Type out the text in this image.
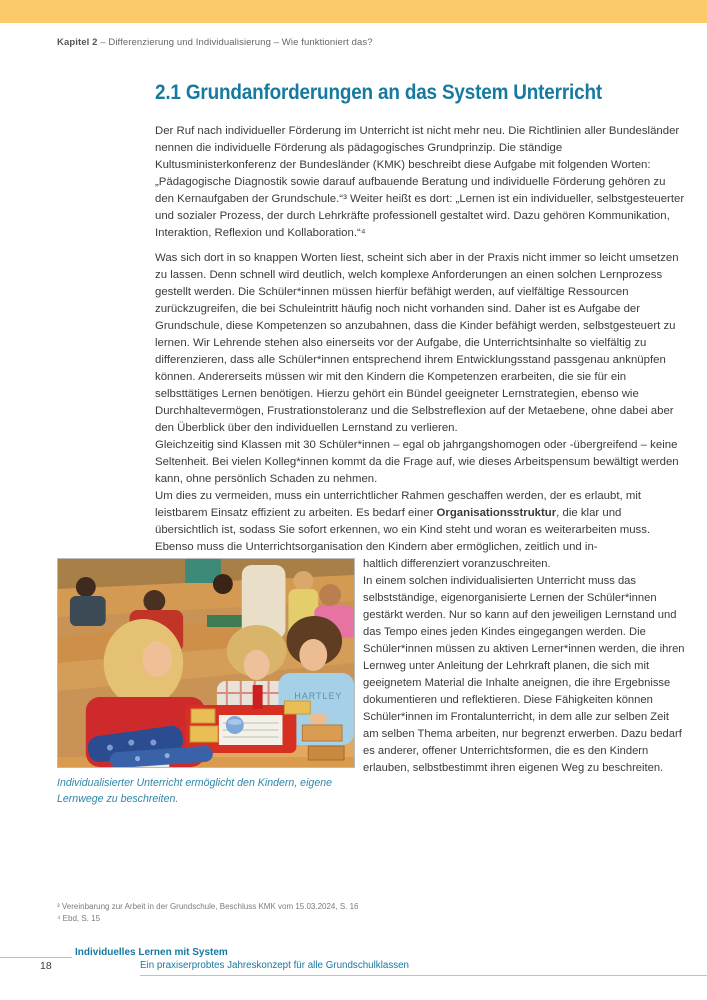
Kapitel 2 – Differenzierung und Individualisierung – Wie funktioniert das?
2.1 Grundanforderungen an das System Unterricht

Der Ruf nach individueller Förderung im Unterricht ist nicht mehr neu. Die Richtlinien aller Bundesländer nennen die individuelle Förderung als pädagogisches Grundprinzip. Die ständige Kultusministerkonferenz der Bundesländer (KMK) beschreibt diese Aufgabe mit folgenden Worten: „Pädagogische Diagnostik sowie darauf aufbauende Beratung und individuelle Förderung gehören zu den Kernaufgaben der Grundschule.“³ Weiter heißt es dort: „Lernen ist ein individueller, selbstgesteuerter und sozialer Prozess, der durch Lehrkräfte professionell gestaltet wird. Dazu gehören Kommunikation, Interaktion, Reflexion und Kollaboration.“⁴

Was sich dort in so knappen Worten liest, scheint sich aber in der Praxis nicht immer so leicht umsetzen zu lassen. Denn schnell wird deutlich, welch komplexe Anforderungen an einen solchen Lernprozess gestellt werden. Die Schüler*innen müssen hierfür befähigt werden, auf vielfältige Ressourcen zurückzugreifen, die bei Schuleintritt häufig noch nicht vorhanden sind. Daher ist es Aufgabe der Grundschule, diese Kompetenzen so anzubahnen, dass die Kinder befähigt werden, selbstgesteuert zu lernen. Wir Lehrende stehen also einerseits vor der Aufgabe, die Unterrichtsinhalte so vielfältig zu differenzieren, dass alle Schüler*innen entsprechend ihrem Entwicklungsstand passgenau anknüpfen können. Andererseits müssen wir mit den Kindern die Kompetenzen erarbeiten, die sie für ein selbsttätiges Lernen benötigen. Hierzu gehört ein Bündel geeigneter Lernstrategien, ebenso wie Durchhaltevermögen, Frustrationstoleranz und die Selbstreflexion auf der Metaebene, ohne dabei aber den Überblick über den individuellen Lernstand zu verlieren.

Gleichzeitig sind Klassen mit 30 Schüler*innen – egal ob jahrgangshomogen oder -übergreifend – keine Seltenheit. Bei vielen Kolleg*innen kommt da die Frage auf, wie dieses Arbeitspensum bewältigt werden kann, ohne persönlich Schaden zu nehmen.

Um dies zu vermeiden, muss ein unterrichtlicher Rahmen geschaffen werden, der es erlaubt, mit leistbarem Einsatz effizient zu arbeiten. Es bedarf einer Organisationsstruktur, die klar und übersichtlich ist, sodass Sie sofort erkennen, wo ein Kind steht und woran es weiterarbeiten muss. Ebenso muss die Unterrichtsorganisation den Kindern aber ermöglichen, zeitlich und in-

HARTLEY
Individualisierter Unterricht ermöglicht den Kindern, eigene Lernwege zu beschreiten.

haltlich differenziert voranzuschreiten.

In einem solchen individualisierten Unterricht muss das selbstständige, eigenorganisierte Lernen der Schüler*innen gestärkt werden. Nur so kann auf den jeweiligen Lernstand und das Tempo eines jeden Kindes eingegangen werden. Die Schüler*innen müssen zu aktiven Lerner*innen werden, die ihren Lernweg unter Anleitung der Lehrkraft planen, die sich mit geeignetem Material die Inhalte aneignen, die ihre Ergebnisse dokumentieren und reflektieren. Diese Fähigkeiten können Schüler*innen im Frontalunterricht, in dem alle zur selben Zeit am selben Thema arbeiten, nur begrenzt erwerben. Dazu bedarf es anderer, offener Unterrichtsformen, die es den Kindern erlauben, selbstbestimmt ihren eigenen Weg zu beschreiten.

³ Vereinbarung zur Arbeit in der Grundschule, Beschluss KMK vom 15.03.2024, S. 16
⁴ Ebd, S. 15
Individuelles Lernen mit System
18	Ein praxiserprobtes Jahreskonzept für alle Grundschulklassen
